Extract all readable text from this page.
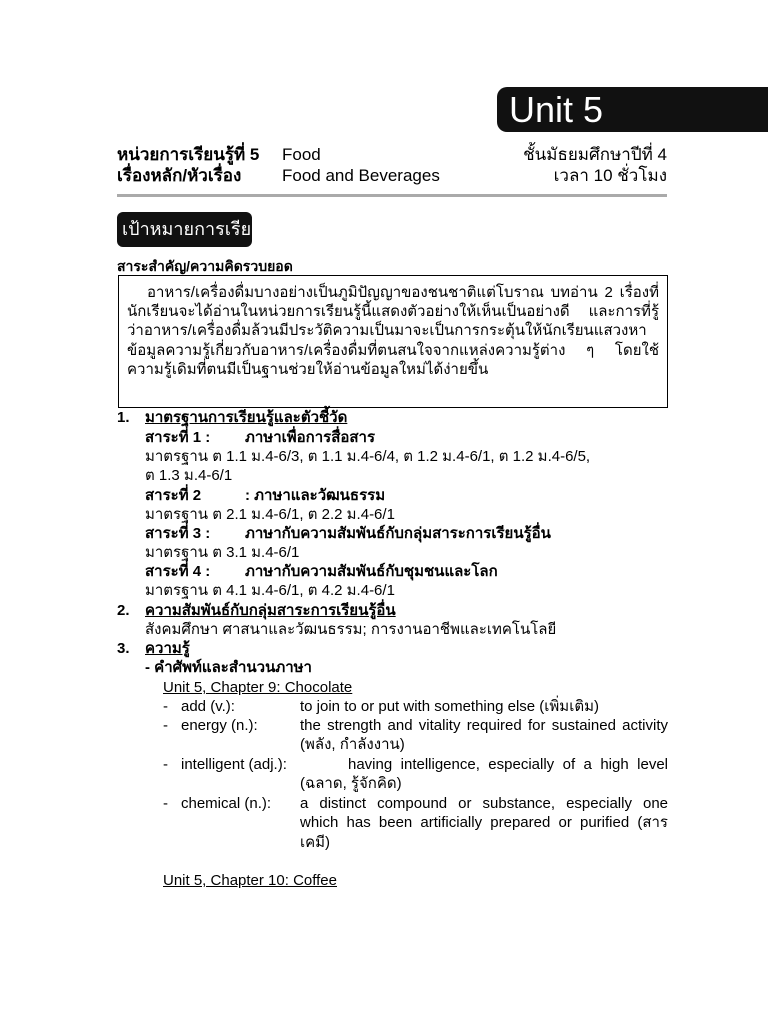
Unit 5
หน่วยการเรียนรู้ที่ 5 Food	ชั้นมัธยมศึกษาปีที่ 4
เรื่องหลัก/หัวเรื่อง Food and Beverages	เวลา 10 ชั่วโมง
เป้าหมายการเรียนรู้
สาระสำคัญ/ความคิดรวบยอด
อาหาร/เครื่องดื่มบางอย่างเป็นภูมิปัญญาของชนชาติแต่โบราณ บทอ่าน 2 เรื่องที่นักเรียนจะได้อ่านในหน่วยการเรียนรู้นี้แสดงตัวอย่างให้เห็นเป็นอย่างดี และการที่รู้ว่าอาหาร/เครื่องดื่มล้วนมีประวัติความเป็นมาจะเป็นการกระตุ้นให้นักเรียนแสวงหาข้อมูลความรู้เกี่ยวกับอาหาร/เครื่องดื่มที่ตนสนใจจากแหล่งความรู้ต่าง ๆ โดยใช้ความรู้เดิมที่ตนมีเป็นฐานช่วยให้อ่านข้อมูลใหม่ได้ง่ายขึ้น
1. มาตรฐานการเรียนรู้และตัวชี้วัด
สาระที่ 1 : ภาษาเพื่อการสื่อสาร
มาตรฐาน ต 1.1 ม.4-6/3, ต 1.1 ม.4-6/4, ต 1.2 ม.4-6/1, ต 1.2 ม.4-6/5,
ต 1.3 ม.4-6/1
สาระที่ 2	: ภาษาและวัฒนธรรม
มาตรฐาน ต 2.1 ม.4-6/1, ต 2.2 ม.4-6/1
สาระที่ 3 : ภาษากับความสัมพันธ์กับกลุ่มสาระการเรียนรู้อื่น
มาตรฐาน ต 3.1 ม.4-6/1
สาระที่ 4 : ภาษากับความสัมพันธ์กับชุมชนและโลก
มาตรฐาน ต 4.1 ม.4-6/1, ต 4.2 ม.4-6/1
2. ความสัมพันธ์กับกลุ่มสาระการเรียนรู้อื่น
สังคมศึกษา ศาสนาและวัฒนธรรม; การงานอาชีพและเทคโนโลยี
3. ความรู้
- คำศัพท์และสำนวนภาษา
Unit 5, Chapter 9: Chocolate
- add (v.):	to join to or put with something else (เพิ่มเติม)
- energy (n.):	the strength and vitality required for sustained activity (พลัง, กำลังงาน)
- intelligent (adj.):	having intelligence, especially of a high level (ฉลาด, รู้จักคิด)
- chemical (n.): a distinct compound or substance, especially one which has been artificially prepared or purified (สารเคมี)
Unit 5, Chapter 10: Coffee
